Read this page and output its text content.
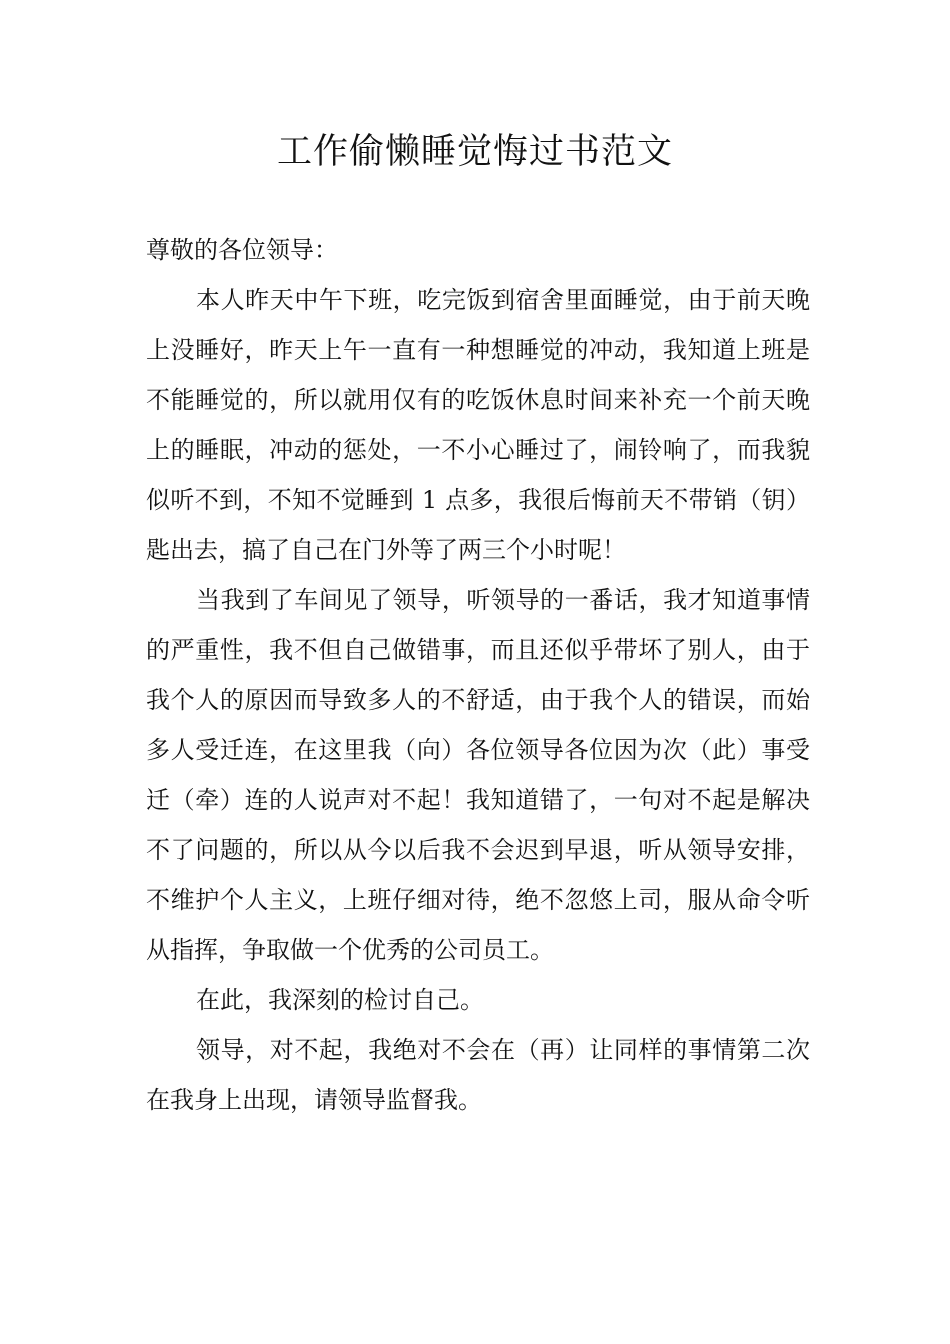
工作偷懒睡觉悔过书范文

尊敬的各位领导：

本人昨天中午下班，吃完饭到宿舍里面睡觉，由于前天晚上没睡好，昨天上午一直有一种想睡觉的冲动，我知道上班是不能睡觉的，所以就用仅有的吃饭休息时间来补充一个前天晚上的睡眠，冲动的惩处，一不小心睡过了，闹铃响了，而我貌似听不到，不知不觉睡到 1 点多，我很后悔前天不带销（钥）匙出去，搞了自己在门外等了两三个小时呢！

当我到了车间见了领导，听领导的一番话，我才知道事情的严重性，我不但自己做错事，而且还似乎带坏了别人，由于我个人的原因而导致多人的不舒适，由于我个人的错误，而始多人受迁连，在这里我（向）各位领导各位因为次（此）事受迁（牵）连的人说声对不起！我知道错了，一句对不起是解决不了问题的，所以从今以后我不会迟到早退，听从领导安排，不维护个人主义，上班仔细对待，绝不忽悠上司，服从命令听从指挥，争取做一个优秀的公司员工。

在此，我深刻的检讨自己。

领导，对不起，我绝对不会在（再）让同样的事情第二次在我身上出现，请领导监督我。
